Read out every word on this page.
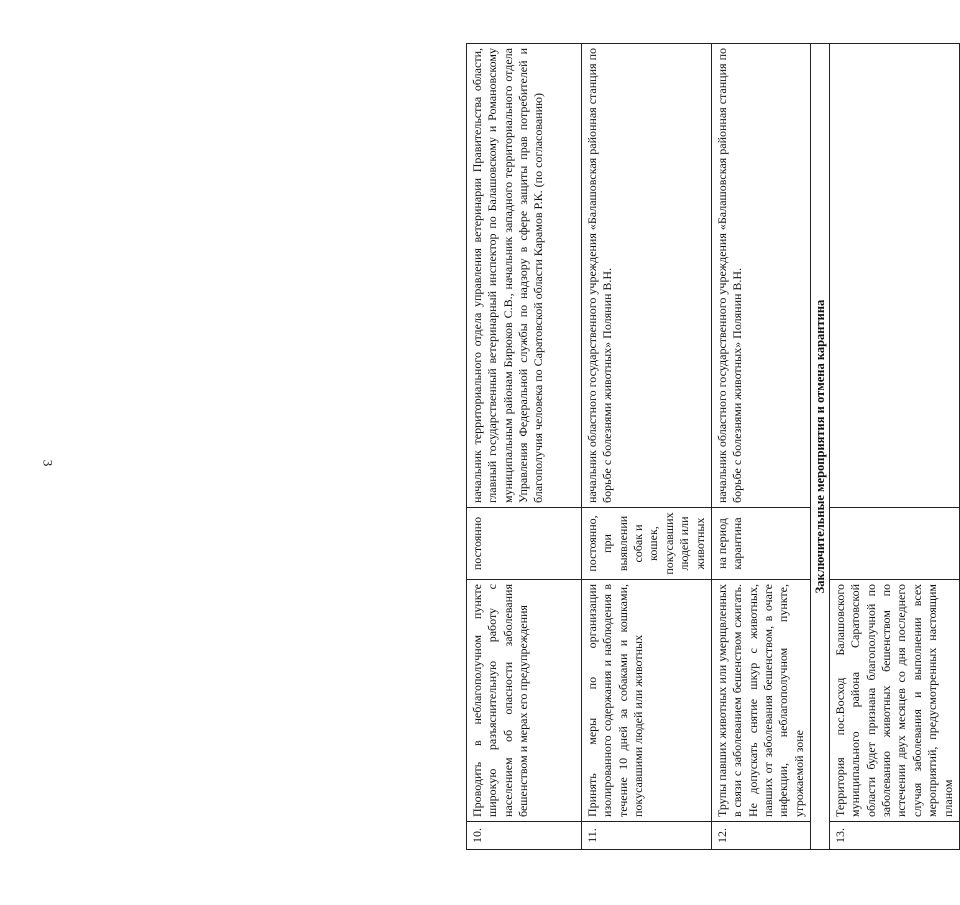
3
10.	Проводить в неблагополучном пункте широкую разъяснительную работу с населением об опасности заболевания бешенством и мерах его предупреждения	постоянно	начальник территориального отдела управления ветеринарии Правительства области, главный государственный ветеринарный инспектор по Балашовскому и Романовскому муниципальным районам Бирюков С.В., начальник западного территориального отдела Управления Федеральной службы по надзору в сфере защиты прав потребителей и благополучия человека по Саратовской области Карамов Р.К. (по согласованию)
11.	Принять меры по организации изолированного содержания и наблюдения в течение 10 дней за собаками и кошками, покусавшими людей или животных	постоянно, при выявлении собак и кошек, покусавших людей или животных	начальник областного государственного учреждения «Балашовская районная станция по борьбе с болезнями животных» Полянин В.Н.
12.	Трупы павших животных или умерщвленных в связи с заболеванием бешенством сжигать. Не допускать снятие шкур с животных, павших от заболевания бешенством, в очаге инфекции, неблагополучном пункте, угрожаемой зоне	на период карантина	начальник областного государственного учреждения «Балашовская районная станция по борьбе с болезнями животных» Полянин В.Н.
Заключительные мероприятия и отмена карантина			
13.	Территория пос.Восход Балашовского муниципального района Саратовской области будет признана благополучной по заболеванию животных бешенством по истечении двух месяцев со дня последнего случая заболевания и выполнении всех мероприятий, предусмотренных настоящим планом		
